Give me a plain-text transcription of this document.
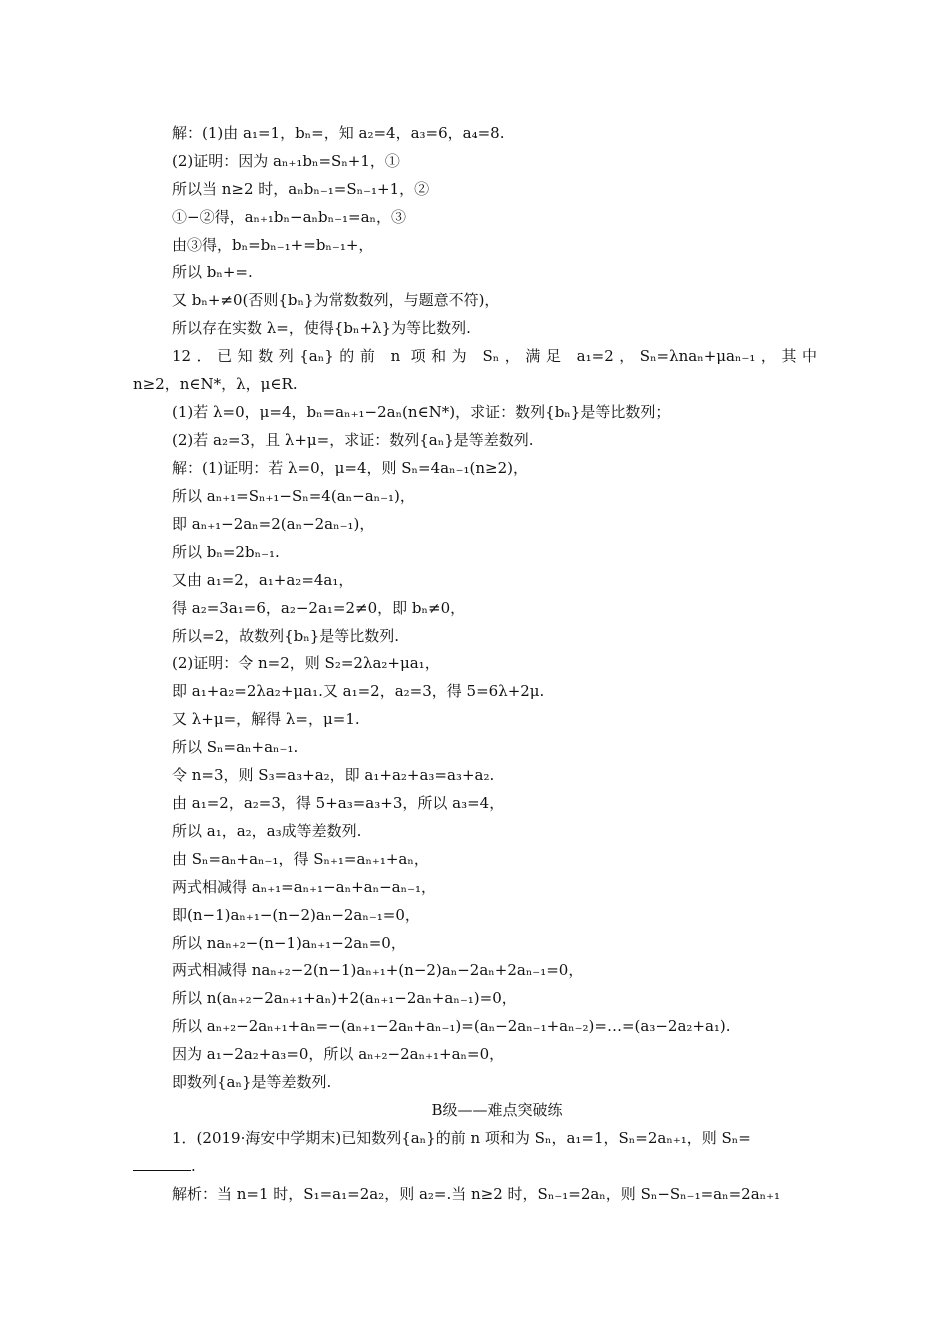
解：(1)由 a₁=1，bₙ=，知 a₂=4，a₃=6，a₄=8.
(2)证明：因为 aₙ₊₁bₙ=Sₙ+1，①
所以当 n≥2 时，aₙbₙ₋₁=Sₙ₋₁+1，②
①−②得，aₙ₊₁bₙ−aₙbₙ₋₁=aₙ，③
由③得，bₙ=bₙ₋₁+=bₙ₋₁+，
所以 bₙ+=.
又 bₙ+≠0(否则{bₙ}为常数数列，与题意不符)，
所以存在实数 λ=，使得{bₙ+λ}为等比数列.
12．已知数列{aₙ}的前 n 项和为 Sₙ，满足 a₁=2，Sₙ=λnaₙ+μaₙ₋₁，其中
n≥2，n∈N*，λ，μ∈R.
(1)若 λ=0，μ=4，bₙ=aₙ₊₁−2aₙ(n∈N*)，求证：数列{bₙ}是等比数列；
(2)若 a₂=3，且 λ+μ=，求证：数列{aₙ}是等差数列.
解：(1)证明：若 λ=0，μ=4，则 Sₙ=4aₙ₋₁(n≥2)，
所以 aₙ₊₁=Sₙ₊₁−Sₙ=4(aₙ−aₙ₋₁)，
即 aₙ₊₁−2aₙ=2(aₙ−2aₙ₋₁)，
所以 bₙ=2bₙ₋₁.
又由 a₁=2，a₁+a₂=4a₁，
得 a₂=3a₁=6，a₂−2a₁=2≠0，即 bₙ≠0，
所以=2，故数列{bₙ}是等比数列.
(2)证明：令 n=2，则 S₂=2λa₂+μa₁，
即 a₁+a₂=2λa₂+μa₁.又 a₁=2，a₂=3，得 5=6λ+2μ.
又 λ+μ=，解得 λ=，μ=1.
所以 Sₙ=aₙ+aₙ₋₁.
令 n=3，则 S₃=a₃+a₂，即 a₁+a₂+a₃=a₃+a₂.
由 a₁=2，a₂=3，得 5+a₃=a₃+3，所以 a₃=4，
所以 a₁，a₂，a₃成等差数列.
由 Sₙ=aₙ+aₙ₋₁，得 Sₙ₊₁=aₙ₊₁+aₙ，
两式相减得 aₙ₊₁=aₙ₊₁−aₙ+aₙ−aₙ₋₁，
即(n−1)aₙ₊₁−(n−2)aₙ−2aₙ₋₁=0，
所以 naₙ₊₂−(n−1)aₙ₊₁−2aₙ=0，
两式相减得 naₙ₊₂−2(n−1)aₙ₊₁+(n−2)aₙ−2aₙ+2aₙ₋₁=0，
所以 n(aₙ₊₂−2aₙ₊₁+aₙ)+2(aₙ₊₁−2aₙ+aₙ₋₁)=0，
所以 aₙ₊₂−2aₙ₊₁+aₙ=−(aₙ₊₁−2aₙ+aₙ₋₁)=(aₙ−2aₙ₋₁+aₙ₋₂)=…=(a₃−2a₂+a₁).
因为 a₁−2a₂+a₃=0，所以 aₙ₊₂−2aₙ₊₁+aₙ=0，
即数列{aₙ}是等差数列.
B级——难点突破练
1．(2019·海安中学期末)已知数列{aₙ}的前 n 项和为 Sₙ，a₁=1，Sₙ=2aₙ₊₁，则 Sₙ=
.
解析：当 n=1 时，S₁=a₁=2a₂，则 a₂=.当 n≥2 时，Sₙ₋₁=2aₙ，则 Sₙ−Sₙ₋₁=aₙ=2aₙ₊₁
